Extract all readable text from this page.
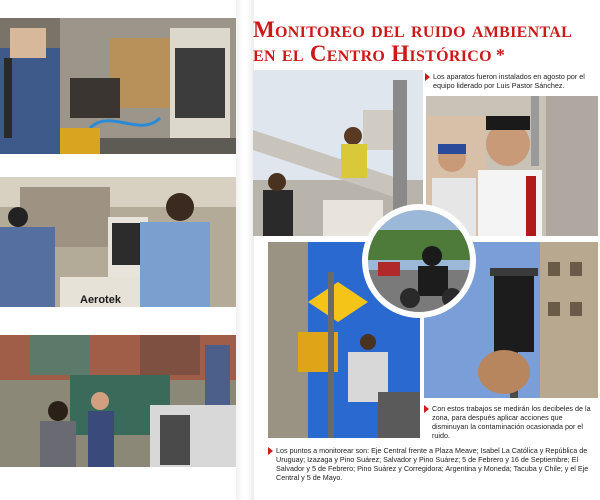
Aerotek
Monitoreo del ruido ambiental
en el Centro Histórico *
Los aparatos fueron instalados en agosto por el equipo liderado por Luis Pastor Sánchez.
Con estos trabajos se medirán los decibeles de la zona, para después aplicar acciones que disminuyan la contaminación ocasionada por el ruido.
Los puntos a monitorear son: Eje Central frente a Plaza Meave; Isabel La Católica y República de Uruguay; Izazaga y Pino Suárez; Salvador y Pino Suárez; 5 de Febrero y 16 de Septiembre; El Salvador y 5 de Febrero; Pino Suárez y Corregidora; Argentina y Moneda; Tacuba y Chile; y el Eje Central y 5 de Mayo.
